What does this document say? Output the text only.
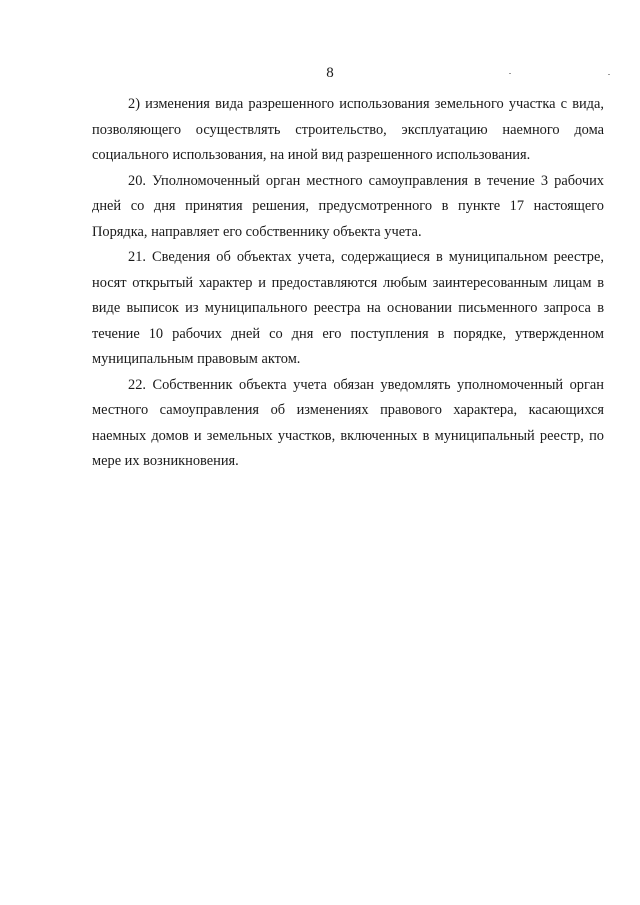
8

2) изменения вида разрешенного использования земельного участка с вида, позволяющего осуществлять строительство, эксплуатацию наемного дома социального использования, на иной вид разрешенного использования.

20. Уполномоченный орган местного самоуправления в течение 3 рабочих дней со дня принятия решения, предусмотренного в пункте 17 настоящего Порядка, направляет его собственнику объекта учета.

21. Сведения об объектах учета, содержащиеся в муниципальном реестре, носят открытый характер и предоставляются любым заинтересованным лицам в виде выписок из муниципального реестра на основании письменного запроса в течение 10 рабочих дней со дня его поступления в порядке, утвержденном муниципальным правовым актом.

22. Собственник объекта учета обязан уведомлять уполномоченный орган местного самоуправления об изменениях правового характера, касающихся наемных домов и земельных участков, включенных в муниципальный реестр, по мере их возникновения.
